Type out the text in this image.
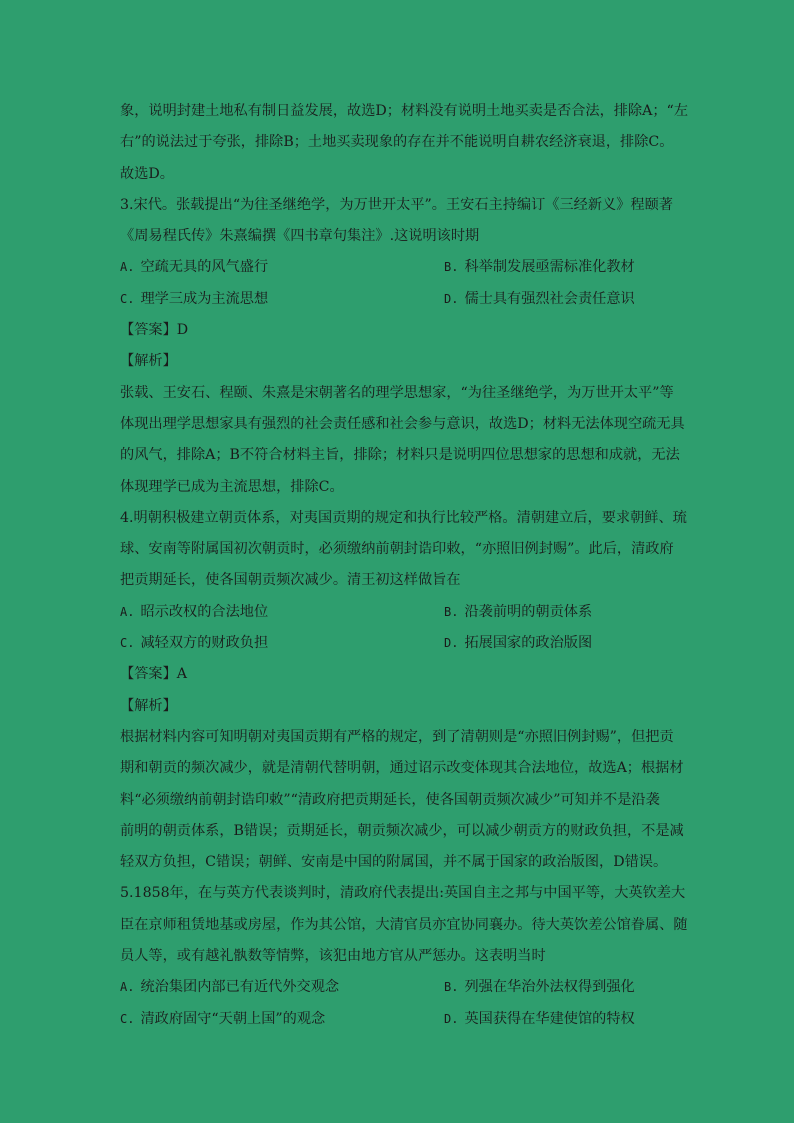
象，说明封建土地私有制日益发展，故选D；材料没有说明土地买卖是否合法，排除A；“左
右”的说法过于夸张，排除B；土地买卖现象的存在并不能说明自耕农经济衰退，排除C。
故选D。
3.宋代。张载提出“为往圣继绝学，为万世开太平”。王安石主持编订《三经新义》程颐著
《周易程氏传》朱熹编撰《四书章句集注》.这说明该时期
A. 空疏无具的风气盛行	B. 科举制发展亟需标准化教材
C. 理学三成为主流思想	D. 儒士具有强烈社会责任意识
【答案】D
【解析】
张载、王安石、程颐、朱熹是宋朝著名的理学思想家，“为往圣继绝学，为万世开太平”等
体现出理学思想家具有强烈的社会责任感和社会参与意识，故选D；材料无法体现空疏无具
的风气，排除A；B不符合材料主旨，排除；材料只是说明四位思想家的思想和成就，无法
体现理学已成为主流思想，排除C。
4.明朝积极建立朝贡体系，对夷国贡期的规定和执行比较严格。清朝建立后，要求朝鲜、琉
球、安南等附属国初次朝贡时，必须缴纳前朝封诰印敕，“亦照旧例封赐”。此后，清政府
把贡期延长，使各国朝贡频次减少。清王初这样做旨在
A. 昭示改权的合法地位	B. 沿袭前明的朝贡体系
C. 减轻双方的财政负担	D. 拓展国家的政治版图
【答案】A
【解析】
根据材料内容可知明朝对夷国贡期有严格的规定，到了清朝则是“亦照旧例封赐”，但把贡
期和朝贡的频次减少，就是清朝代替明朝，通过诏示改变体现其合法地位，故选A；根据材
料“必须缴纳前朝封诰印敕”“清政府把贡期延长，使各国朝贡频次减少”可知并不是沿袭
前明的朝贡体系，B错误；贡期延长，朝贡频次减少，可以减少朝贡方的财政负担，不是减
轻双方负担，C错误；朝鲜、安南是中国的附属国，并不属于国家的政治版图，D错误。
5.1858年，在与英方代表谈判时，清政府代表提出:英国自主之邦与中国平等，大英钦差大
臣在京师租赁地基或房屋，作为其公馆，大清官员亦宜协同襄办。待大英饮差公馆眷属、随
员人等，或有越礼骫数等情弊，该犯由地方官从严惩办。这表明当时
A. 统治集团内部已有近代外交观念	B. 列强在华治外法权得到强化
C. 清政府固守“天朝上国”的观念	D. 英国获得在华建使馆的特权
